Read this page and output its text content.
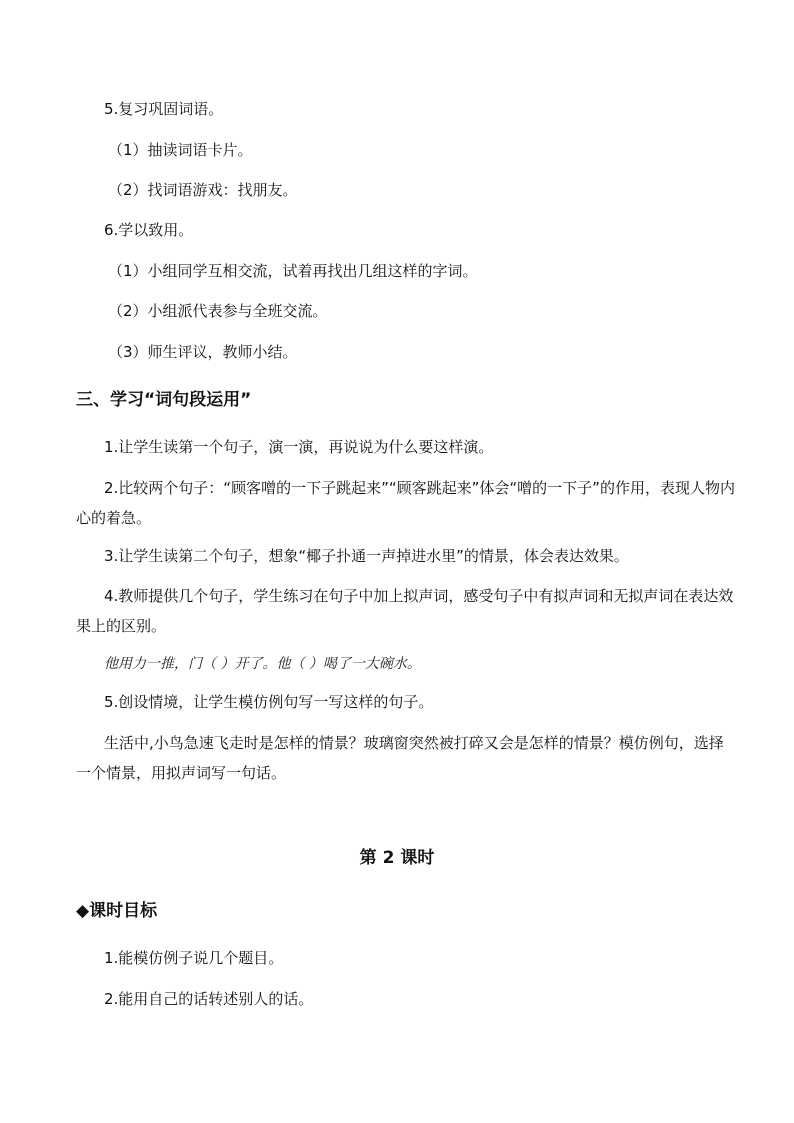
5.复习巩固词语。
（1）抽读词语卡片。
（2）找词语游戏：找朋友。
6.学以致用。
（1）小组同学互相交流，试着再找出几组这样的字词。
（2）小组派代表参与全班交流。
（3）师生评议，教师小结。
三、学习“词句段运用”
1.让学生读第一个句子，演一演，再说说为什么要这样演。
2.比较两个句子：“顾客噌的一下子跳起来”“顾客跳起来”体会“噌的一下子”的作用，表现人物内心的着急。
3.让学生读第二个句子，想象“椰子扑通一声掉进水里”的情景，体会表达效果。
4.教师提供几个句子，学生练习在句子中加上拟声词，感受句子中有拟声词和无拟声词在表达效果上的区别。
他用力一推，门（ ）开了。他（ ）喝了一大碗水。
5.创设情境，让学生模仿例句写一写这样的句子。
生活中,小鸟急速飞走时是怎样的情景？玻璃窗突然被打碎又会是怎样的情景？模仿例句，选择一个情景，用拟声词写一句话。
第 2 课时
◆课时目标
1.能模仿例子说几个题目。
2.能用自己的话转述别人的话。
